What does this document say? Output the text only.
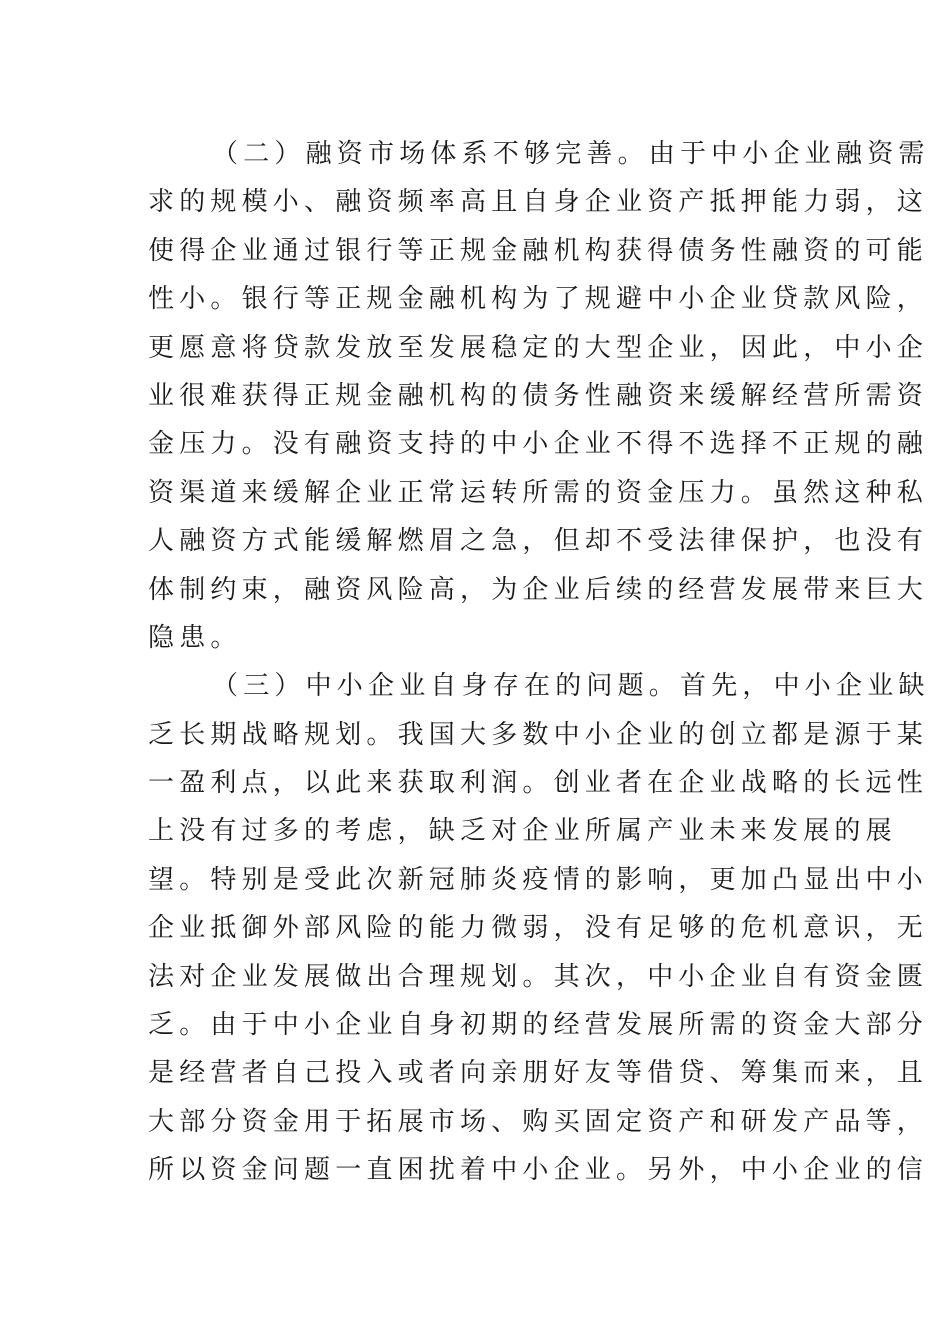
（二）融资市场体系不够完善。由于中小企业融资需
求的规模小、融资频率高且自身企业资产抵押能力弱，这
使得企业通过银行等正规金融机构获得债务性融资的可能
性小。银行等正规金融机构为了规避中小企业贷款风险，
更愿意将贷款发放至发展稳定的大型企业，因此，中小企
业很难获得正规金融机构的债务性融资来缓解经营所需资
金压力。没有融资支持的中小企业不得不选择不正规的融
资渠道来缓解企业正常运转所需的资金压力。虽然这种私
人融资方式能缓解燃眉之急，但却不受法律保护，也没有
体制约束，融资风险高，为企业后续的经营发展带来巨大
隐患。
（三）中小企业自身存在的问题。首先，中小企业缺
乏长期战略规划。我国大多数中小企业的创立都是源于某
一盈利点，以此来获取利润。创业者在企业战略的长远性
上没有过多的考虑，缺乏对企业所属产业未来发展的展
望。特别是受此次新冠肺炎疫情的影响，更加凸显出中小
企业抵御外部风险的能力微弱，没有足够的危机意识，无
法对企业发展做出合理规划。其次，中小企业自有资金匮
乏。由于中小企业自身初期的经营发展所需的资金大部分
是经营者自己投入或者向亲朋好友等借贷、筹集而来，且
大部分资金用于拓展市场、购买固定资产和研发产品等，
所以资金问题一直困扰着中小企业。另外，中小企业的信
